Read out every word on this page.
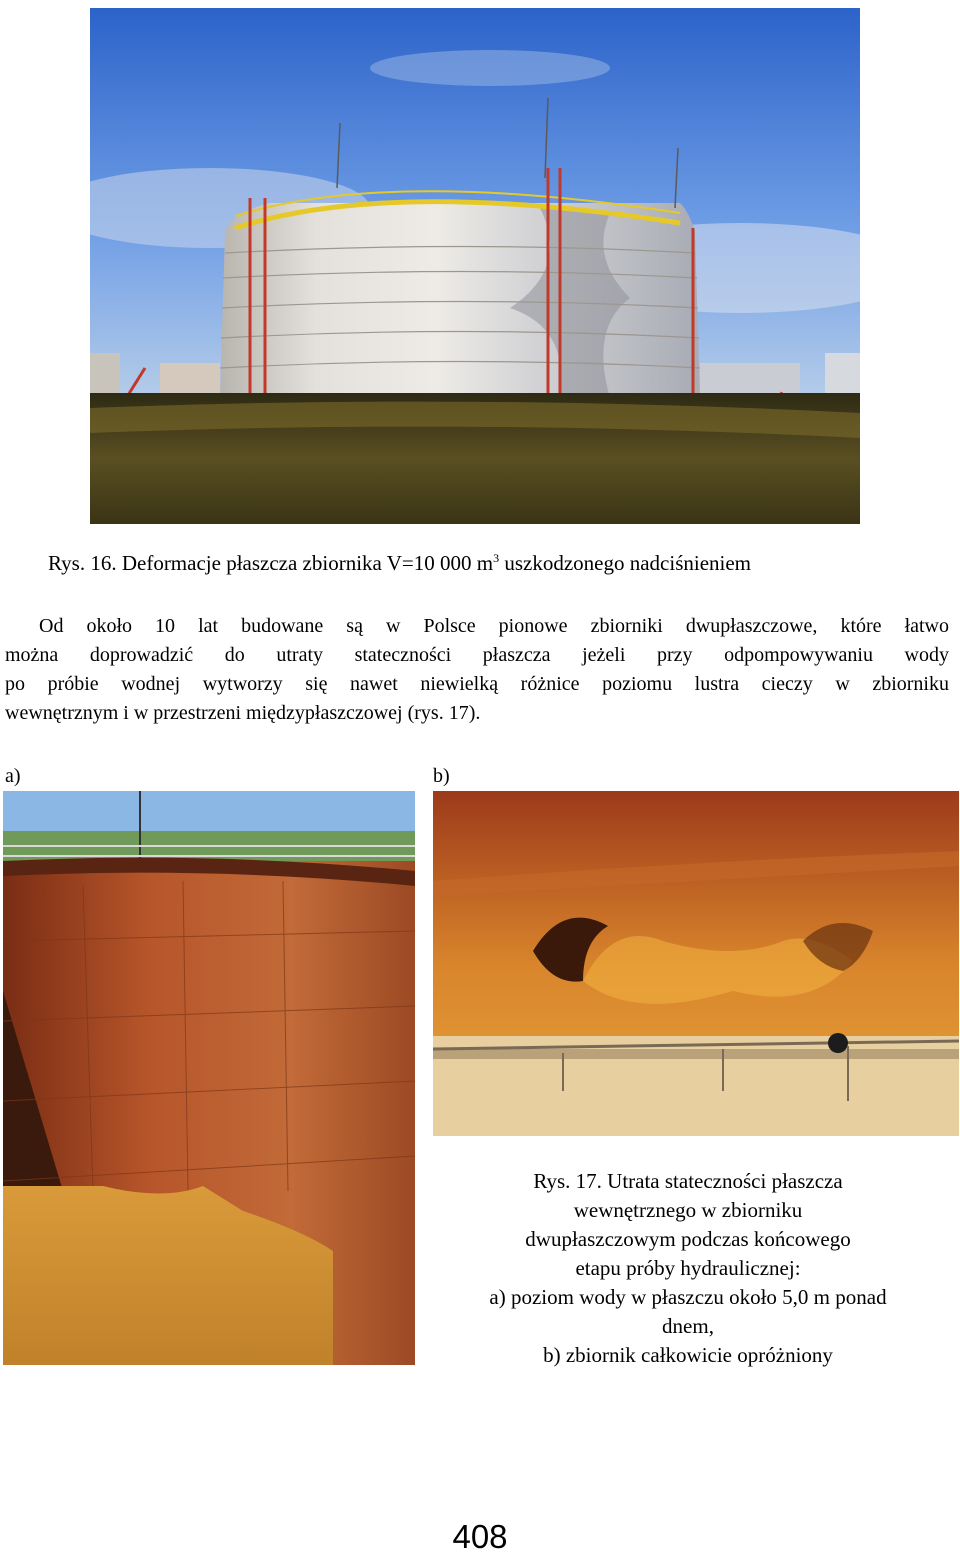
Rys. 16. Deformacje płaszcza zbiornika V=10 000 $m^3$ uszkodzonego nadciśnieniem
Od około 10 lat budowane są w Polsce pionowe zbiorniki dwupłaszczowe, które łatwo
można doprowadzić do utraty stateczności płaszcza jeżeli przy odpompowywaniu wody
po próbie wodnej wytworzy się nawet niewielką różnice poziomu lustra cieczy w zbiorniku
wewnętrznym i w przestrzeni międzypłaszczowej (rys. 17).
a)	b)
Rys. 17. Utrata stateczności płaszcza
wewnętrznego w zbiorniku
dwupłaszczowym podczas końcowego
etapu próby hydraulicznej:
a) poziom wody w płaszczu około 5,0 m ponad
dnem,
b) zbiornik całkowicie opróżniony
408
